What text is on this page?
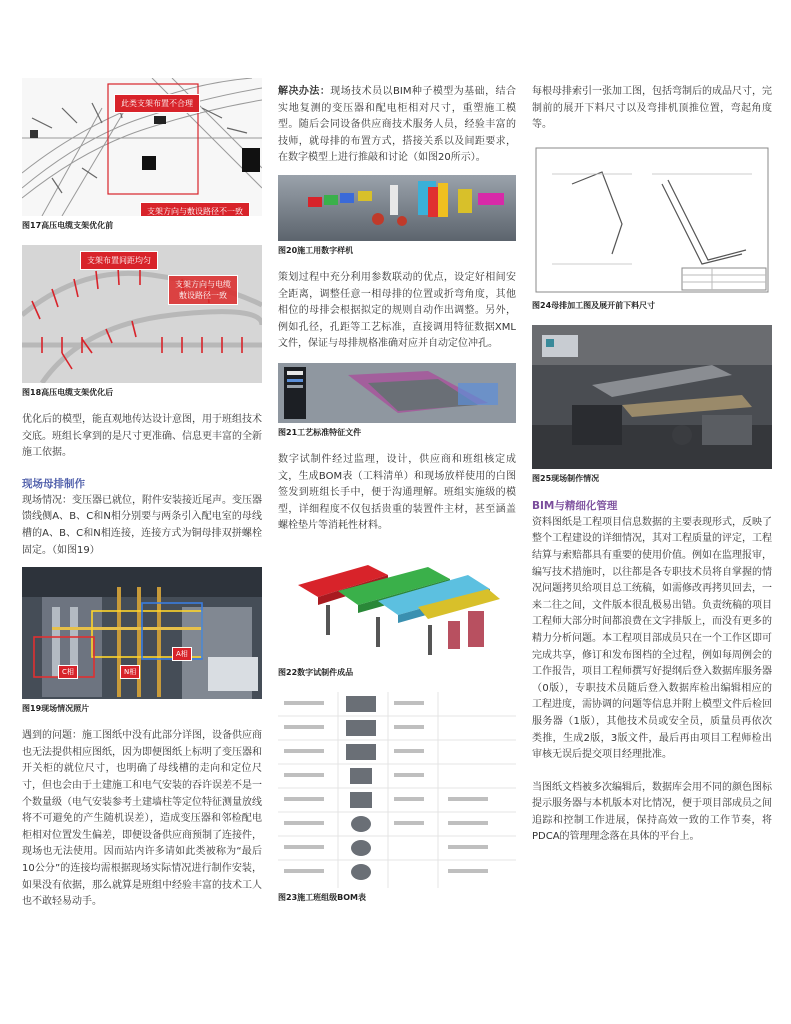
此类支架布置不合理
支架方向与敷设路径不一致
图17高压电缆支架优化前
支架布置间距均匀
支架方向与电缆
敷设路径一致
图18高压电缆支架优化后

优化后的模型，能直观地传达设计意图，用于班组技术交底。班组长拿到的是尺寸更准确、信息更丰富的全新施工依据。

现场母排制作

现场情况：变压器已就位，附件安装接近尾声。变压器馈线侧A、B、C和N相分别要与两条引入配电室的母线槽的A、B、C和N相连接，连接方式为铜母排双拼螺栓固定。（如图19）

C相	N相
A相
图19现场情况照片

遇到的问题：施工图纸中没有此部分详图，设备供应商也无法提供相应图纸，因为即便图纸上标明了变压器和开关柜的就位尺寸，也明确了母线槽的走向和定位尺寸，但也会由于土建施工和电气安装的吞许误差不是一个数量级（电气安装参考土建墙柱等定位特征测量放线将不可避免的产生随机误差），造成变压器和邻检配电柜相对位置发生偏差，即便设备供应商预制了连接件，现场也无法使用。因而站内许多请如此类被称为“最后10公分”的连接均需根据现场实际情况进行制作安装，如果没有依据，那么就算是班组中经验丰富的技术工人也不敢轻易动手。

解决办法：现场技术员以BIM种子模型为基础，结合实地复测的变压器和配电柜相对尺寸，重塑施工模型。随后会同设备供应商技术服务人员，经验丰富的技师，就母排的布置方式，搭接关系以及间距要求，在数字模型上进行推敲和讨论（如图20所示）。

图20施工用数字样机

策划过程中充分利用参数联动的优点，设定好相间安全距离，调整任意一相母排的位置或折弯角度，其他相位的母排会根据拟定的规则自动作出调整。另外，例如孔径，孔距等工艺标准，直接调用特征数据XML文件，保证与母排规格准确对应并自动定位冲孔。

图21工艺标准特征文件

数字试制件经过监理，设计，供应商和班组核定成文，生成BOM表（工料清单）和现场放样使用的白图签发到班组长手中，便于沟通理解。班组实施级的模型，详细程度不仅包括贵重的装置件主材，甚至涵盖螺栓垫片等消耗性材料。

图22数字试制件成品
图23施工班组级BOM表

每根母排索引一张加工图，包括弯制后的成品尺寸，完制前的展开下料尺寸以及弯排机顶推位置，弯起角度等。

图24母排加工图及展开前下料尺寸
图25现场制作情况
BIM与精细化管理

资料图纸是工程项目信息数据的主要表现形式，反映了整个工程建设的详细情况，其对工程质量的评定，工程结算与索赔都具有重要的使用价值。例如在监理报审，编写技术措施时，以往都是各专职技术员将自掌握的情况问题拷贝给项目总工统稿，如需修改再拷贝回去，一来二往之间，文件版本很乱极易出错。负责统稿的项目工程师大部分时间都浪费在文字排版上，而没有更多的精力分析问题。本工程项目部成员只在一个工作区即可完成共享，修订和发布图档的全过程，例如每周例会的工作报告，项目工程师撰写好提纲后登入数据库服务器（0版），专职技术员随后登入数据库检出编辑相应的工程进度，需协调的问题等信息并附上模型文件后检回服务器（1版），其他技术员或安全员，质量员再依次类推，生成2版，3版文件，最后再由项目工程师检出审核无误后提交项目经理批准。

当图纸文档被多次编辑后，数据库会用不同的颜色图标提示服务器与本机版本对比情况，便于项目部成员之间追踪和控制工作进展，保持高效一致的工作节奏，将PDCA的管理理念落在具体的平台上。
